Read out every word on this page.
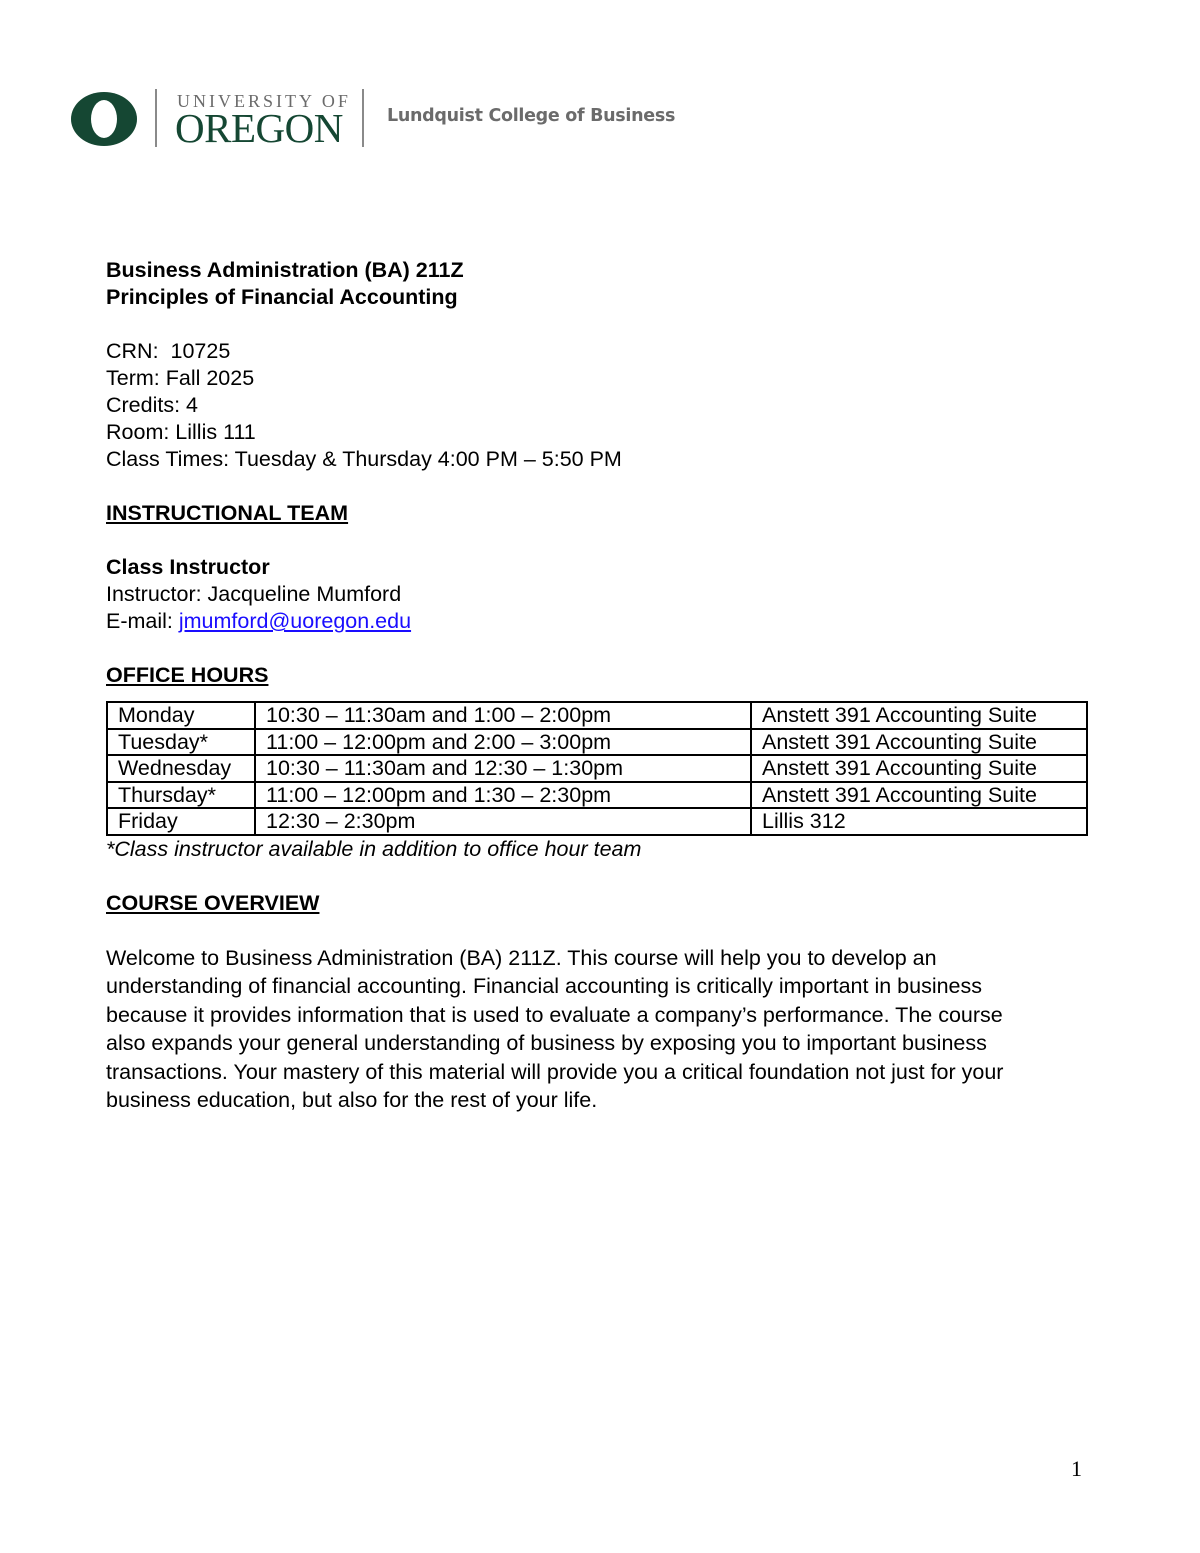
UNIVERSITY OF
OREGON	Lundquist College of Business

Business Administration (BA) 211Z

Principles of Financial Accounting

CRN:  10725

Term: Fall 2025

Credits: 4

Room: Lillis 111

Class Times: Tuesday & Thursday 4:00 PM – 5:50 PM

INSTRUCTIONAL TEAM

Class Instructor

Instructor: Jacqueline Mumford

E-mail: jmumford@uoregon.edu

OFFICE HOURS

Monday	10:30 – 11:30am and 1:00 – 2:00pm	Anstett 391 Accounting Suite
Tuesday*	11:00 – 12:00pm and 2:00 – 3:00pm	Anstett 391 Accounting Suite
Wednesday	10:30 – 11:30am and 12:30 – 1:30pm	Anstett 391 Accounting Suite
Thursday*	11:00 – 12:00pm and 1:30 – 2:30pm	Anstett 391 Accounting Suite
Friday	12:30 – 2:30pm	Lillis 312

*Class instructor available in addition to office hour team

COURSE OVERVIEW

Welcome to Business Administration (BA) 211Z. This course will help you to develop an

understanding of financial accounting. Financial accounting is critically important in business

because it provides information that is used to evaluate a company’s performance. The course

also expands your general understanding of business by exposing you to important business

transactions. Your mastery of this material will provide you a critical foundation not just for your

business education, but also for the rest of your life.

1
